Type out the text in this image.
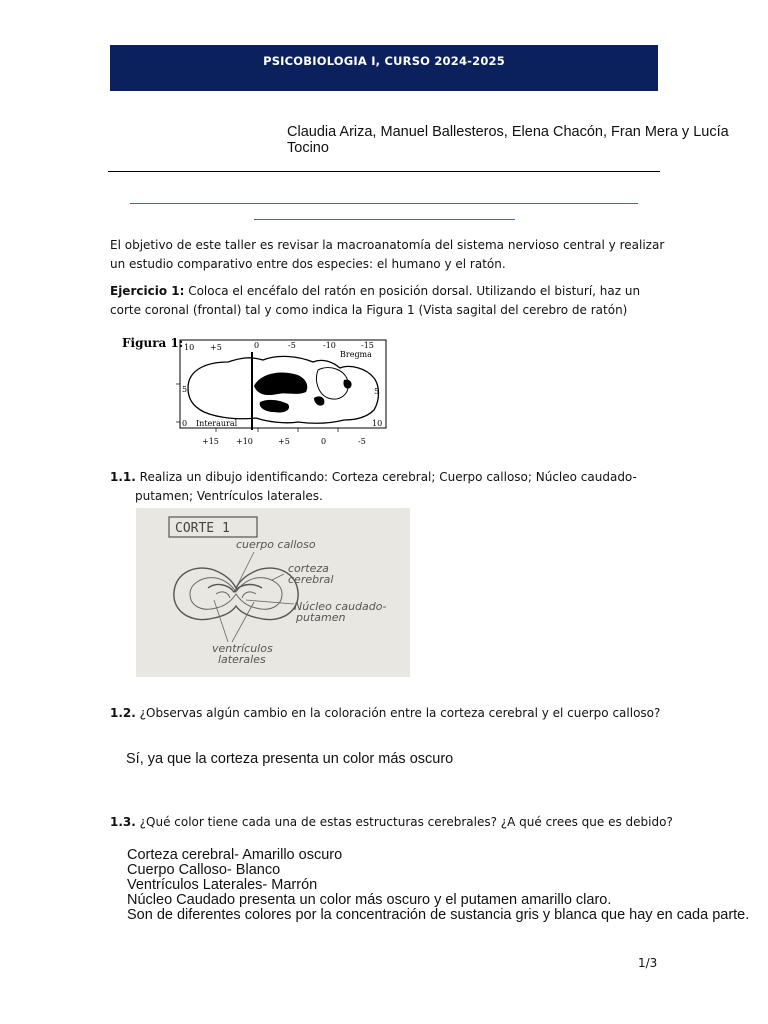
PSICOBIOLOGIA I, CURSO 2024-2025
Claudia Ariza, Manuel Ballesteros, Elena Chacón, Fran Mera y Lucía Tocino
El objetivo de este taller es revisar la macroanatomía del sistema nervioso central y realizar un estudio comparativo entre dos especies: el humano y el ratón.
Ejercicio 1: Coloca el encéfalo del ratón en posición dorsal. Utilizando el bisturí, haz un corte coronal (frontal) tal y como indica la Figura 1 (Vista sagital del cerebro de ratón)
Figura 1: 10 +5	0	-5	-10	-15
Bregma
5
0 Interaural
+15 +10	+5	0	-5
5
10
1.1. Realiza un dibujo identificando: Corteza cerebral; Cuerpo calloso; Núcleo caudado-
putamen; Ventrículos laterales.
CORTE 1
cuerpo calloso
corteza
cerebral
Núcleo caudado-
putamen
ventrículos
laterales
1.2. ¿Observas algún cambio en la coloración entre la corteza cerebral y el cuerpo calloso?
Sí, ya que la corteza presenta un color más oscuro
1.3. ¿Qué color tiene cada una de estas estructuras cerebrales? ¿A qué crees que es debido?
Corteza cerebral- Amarillo oscuro
Cuerpo Calloso- Blanco
Ventrículos Laterales- Marrón
Núcleo Caudado presenta un color más oscuro y el putamen amarillo claro.
Son de diferentes colores por la concentración de sustancia gris y blanca que hay en cada parte.
1/3
